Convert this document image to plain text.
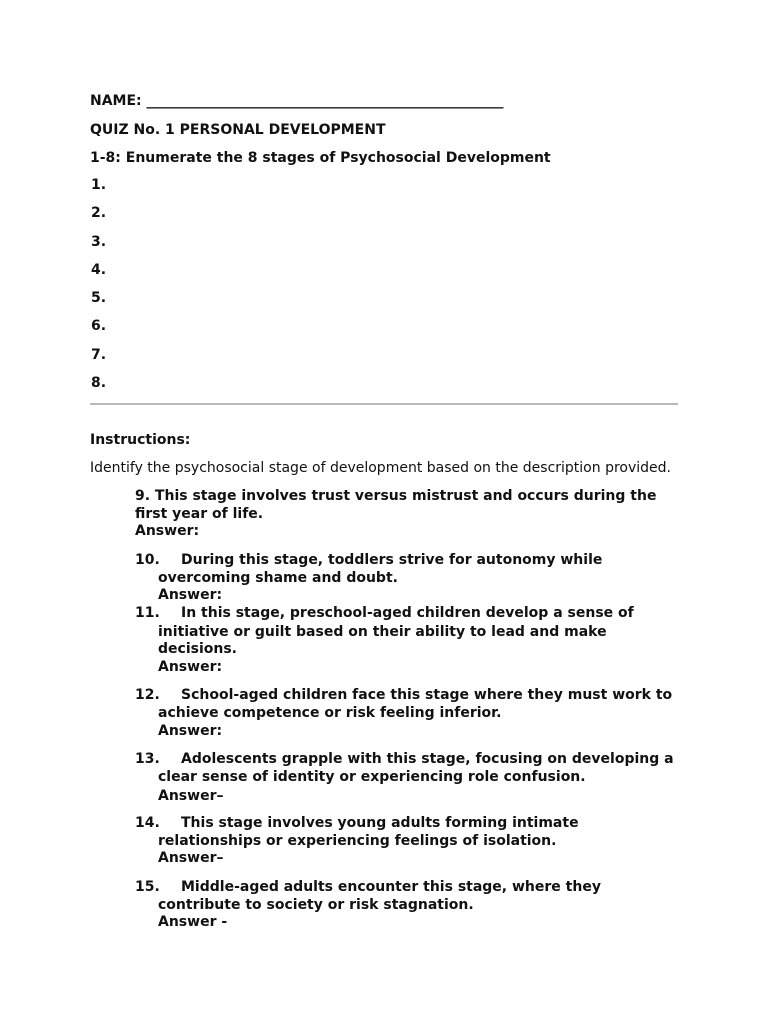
NAME: ___________________________________________________
QUIZ No. 1 PERSONAL DEVELOPMENT
1-8: Enumerate the 8 stages of Psychosocial Development
1.
2.
3.
4.
5.
6.
7.
8.
Instructions:
Identify the psychosocial stage of development based on the description provided.
9. This stage involves trust versus mistrust and occurs during the
first year of life.
Answer:
10. During this stage, toddlers strive for autonomy while
overcoming shame and doubt.
Answer:
11. In this stage, preschool-aged children develop a sense of
initiative or guilt based on their ability to lead and make
decisions.
Answer:
12. School-aged children face this stage where they must work to
achieve competence or risk feeling inferior.
Answer:
13. Adolescents grapple with this stage, focusing on developing a
clear sense of identity or experiencing role confusion.
Answer–
14. This stage involves young adults forming intimate
relationships or experiencing feelings of isolation.
Answer–
15. Middle-aged adults encounter this stage, where they
contribute to society or risk stagnation.
Answer -
